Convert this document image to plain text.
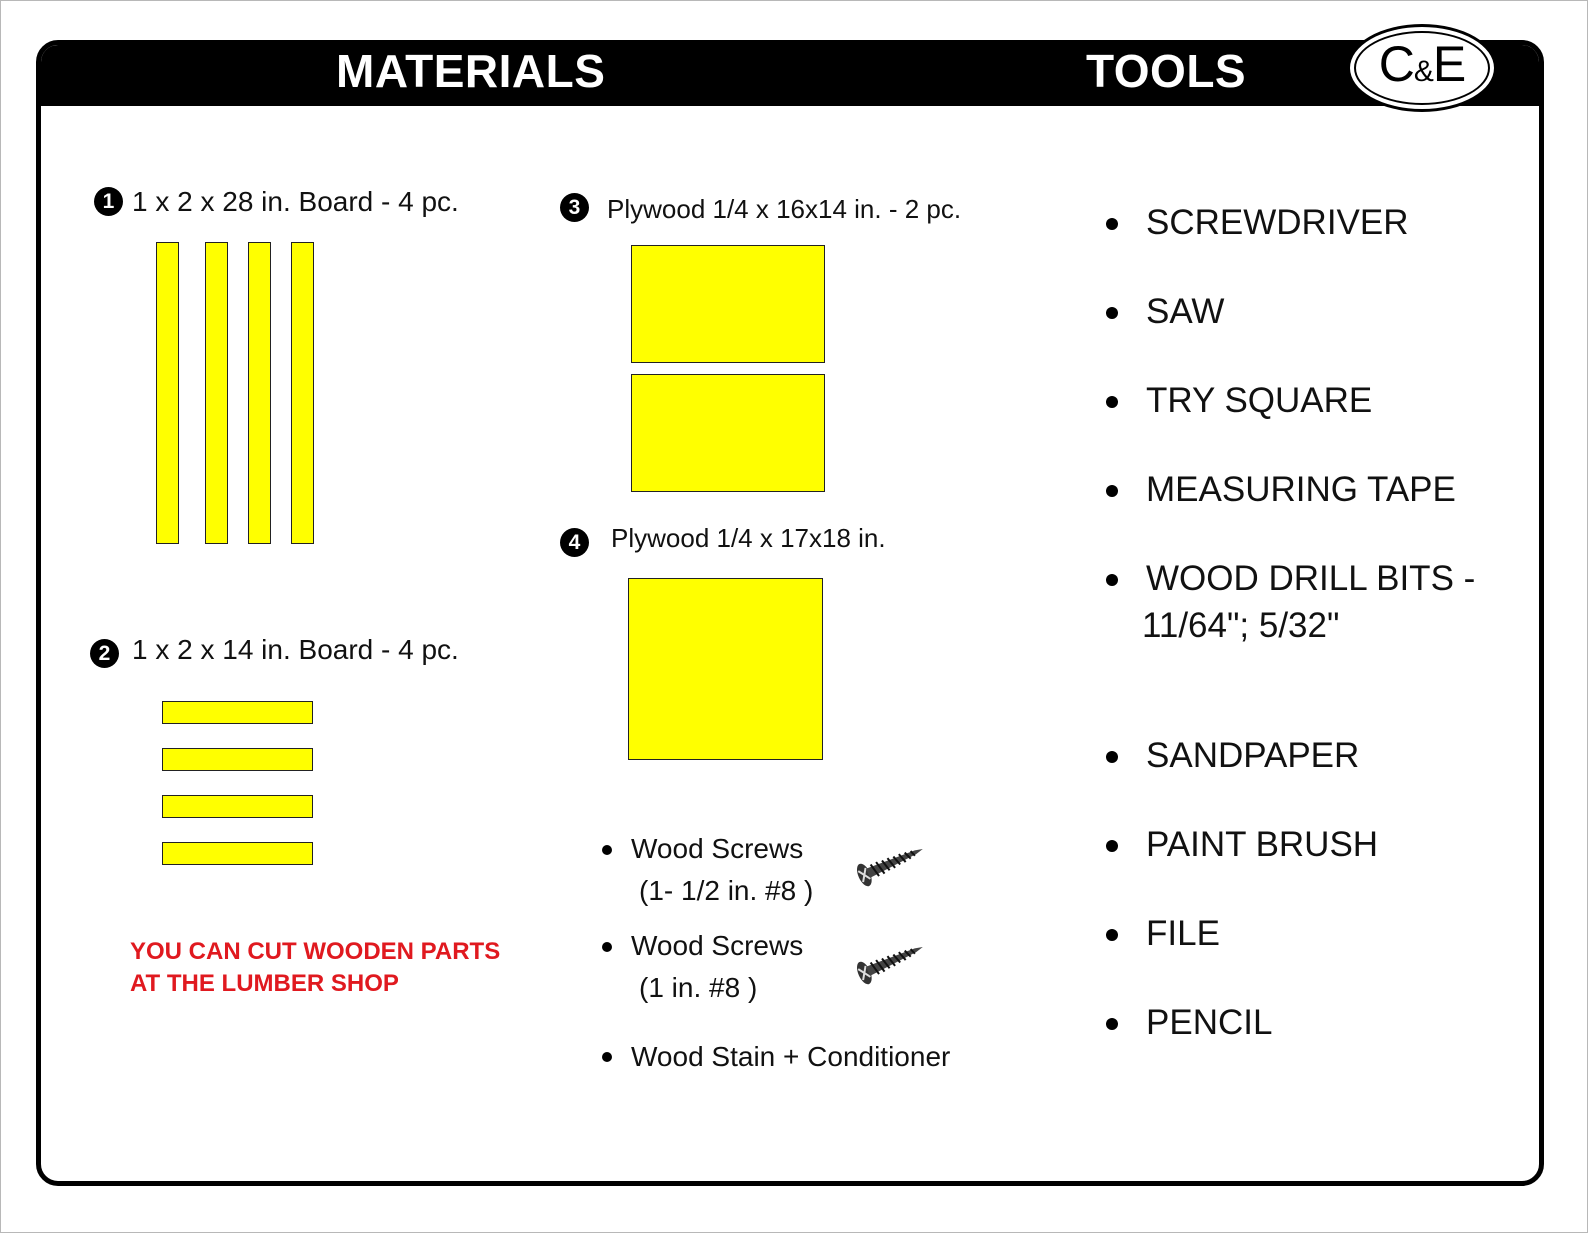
MATERIALS	TOOLS	C&E
1 1 x 2 x 28 in. Board - 4 pc.
2 1 x 2 x 14 in. Board - 4 pc.
YOU CAN CUT WOODEN PARTS
AT THE LUMBER SHOP
3	Plywood 1/4 x 16x14 in. - 2 pc.
4	Plywood 1/4 x 17x18 in.
Wood Screws
(1- 1/2 in. #8 )
Wood Screws
(1 in. #8 )
Wood Stain + Conditioner
SCREWDRIVER
SAW
TRY SQUARE
MEASURING TAPE
WOOD DRILL BITS -
11/64"; 5/32"
SANDPAPER
PAINT BRUSH
FILE
PENCIL
